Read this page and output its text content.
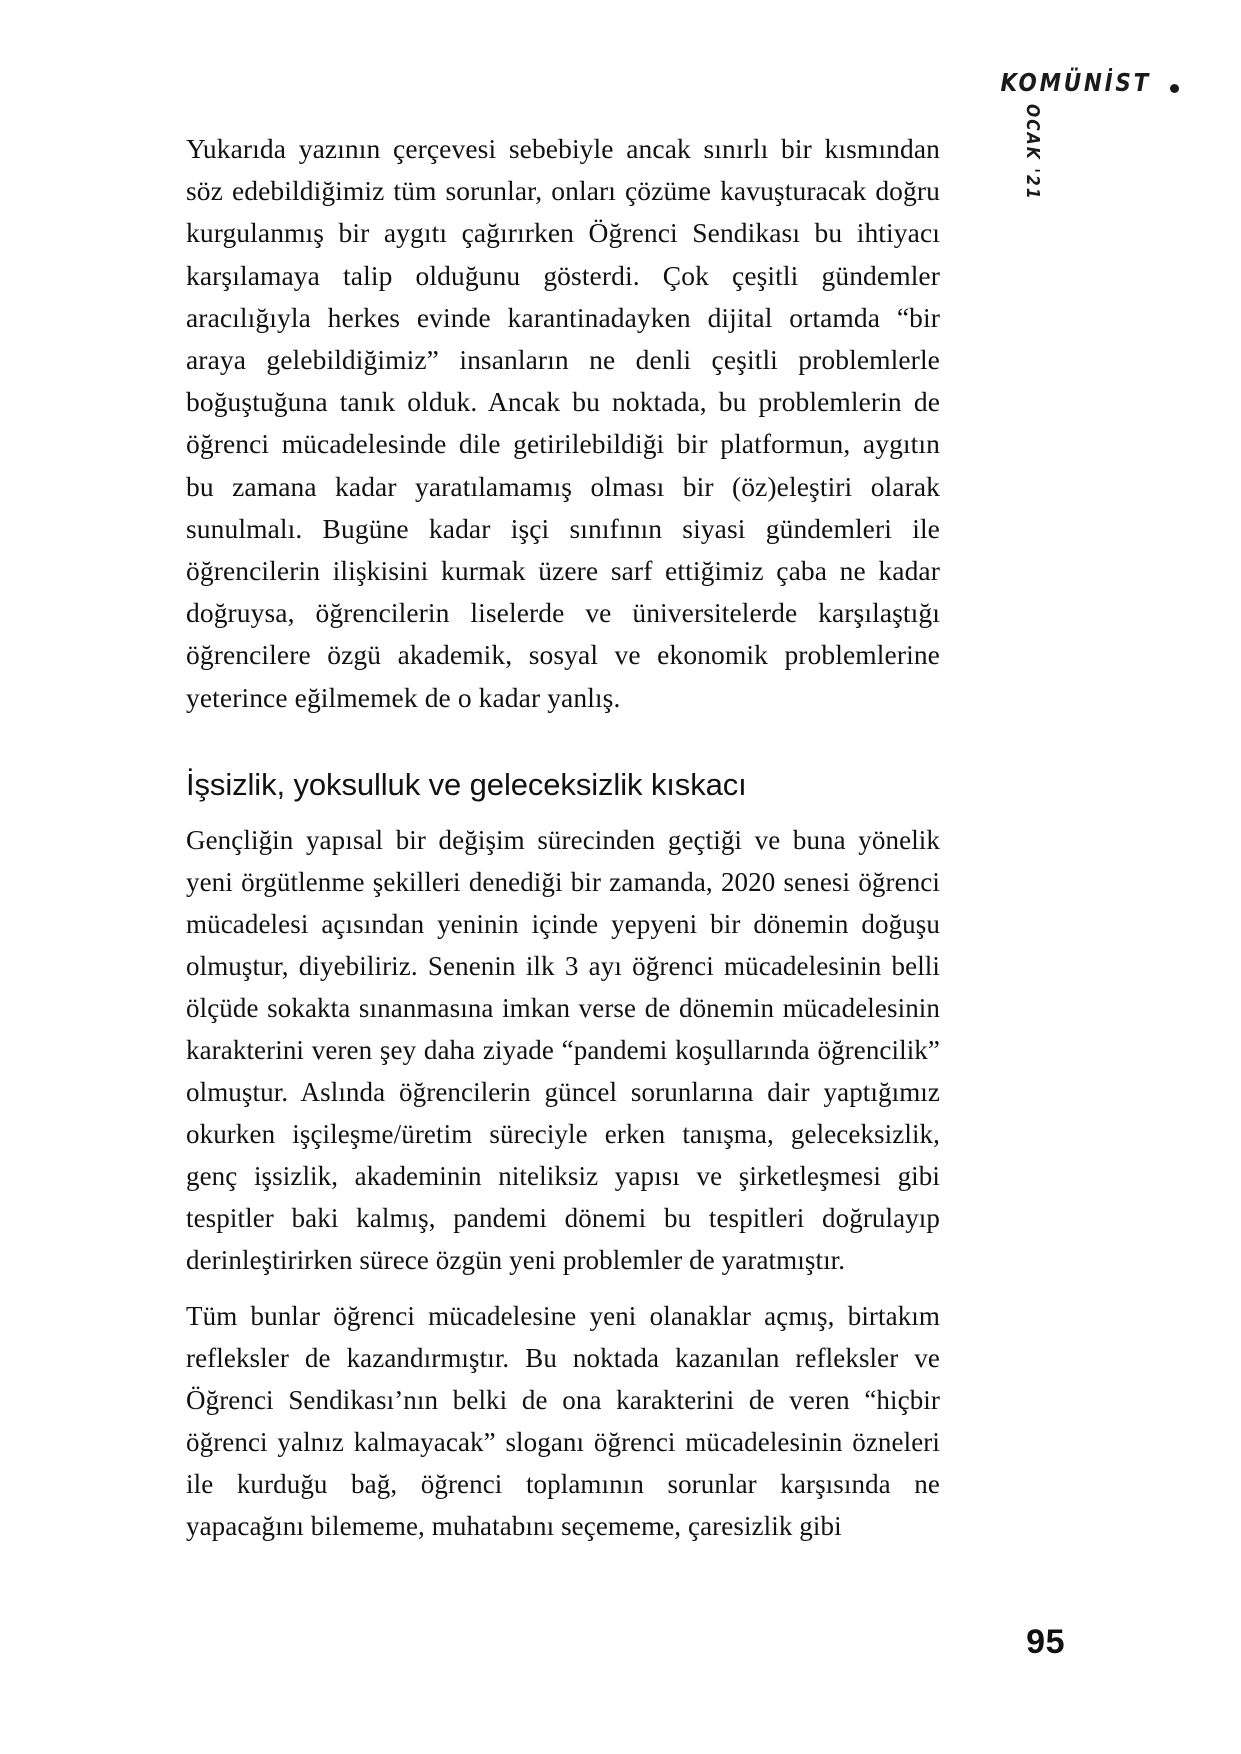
KOMÜNİST
OCAK '21

Yukarıda yazının çerçevesi sebebiyle ancak sınırlı bir kısmından söz edebildiğimiz tüm sorunlar, onları çözüme kavuşturacak doğru kurgulanmış bir aygıtı çağırırken Öğrenci Sendikası bu ihtiyacı karşılamaya talip olduğunu gösterdi. Çok çeşitli gündemler aracılığıyla herkes evinde karantinadayken dijital ortamda “bir araya gelebildiğimiz” insanların ne denli çeşitli problemlerle boğuştuğuna tanık olduk. Ancak bu noktada, bu problemlerin de öğrenci mücadelesinde dile getirilebildiği bir platformun, aygıtın bu zamana kadar yaratılamamış olması bir (öz)eleştiri olarak sunulmalı. Bugüne kadar işçi sınıfının siyasi gündemleri ile öğrencilerin ilişkisini kurmak üzere sarf ettiğimiz çaba ne kadar doğruysa, öğrencilerin liselerde ve üniversitelerde karşılaştığı öğrencilere özgü akademik, sosyal ve ekonomik problemlerine yeterince eğilmemek de o kadar yanlış.

İşsizlik, yoksulluk ve geleceksizlik kıskacı

Gençliğin yapısal bir değişim sürecinden geçtiği ve buna yönelik yeni örgütlenme şekilleri denediği bir zamanda, 2020 senesi öğrenci mücadelesi açısından yeninin içinde yepyeni bir dönemin doğuşu olmuştur, diyebiliriz. Senenin ilk 3 ayı öğrenci mücadelesinin belli ölçüde sokakta sınanmasına imkan verse de dönemin mücadelesinin karakterini veren şey daha ziyade “pandemi koşullarında öğrencilik” olmuştur. Aslında öğrencilerin güncel sorunlarına dair yaptığımız okurken işçileşme/üretim süreciyle erken tanışma, geleceksizlik, genç işsizlik, akademinin niteliksiz yapısı ve şirketleşmesi gibi tespitler baki kalmış, pandemi dönemi bu tespitleri doğrulayıp derinleştirirken sürece özgün yeni problemler de yaratmıştır.

Tüm bunlar öğrenci mücadelesine yeni olanaklar açmış, birtakım refleksler de kazandırmıştır. Bu noktada kazanılan refleksler ve Öğrenci Sendikası’nın belki de ona karakterini de veren “hiçbir öğrenci yalnız kalmayacak” sloganı öğrenci mücadelesinin özneleri ile kurduğu bağ, öğrenci toplamının sorunlar karşısında ne yapacağını bilememe, muhatabını seçememe, çaresizlik gibi

95
